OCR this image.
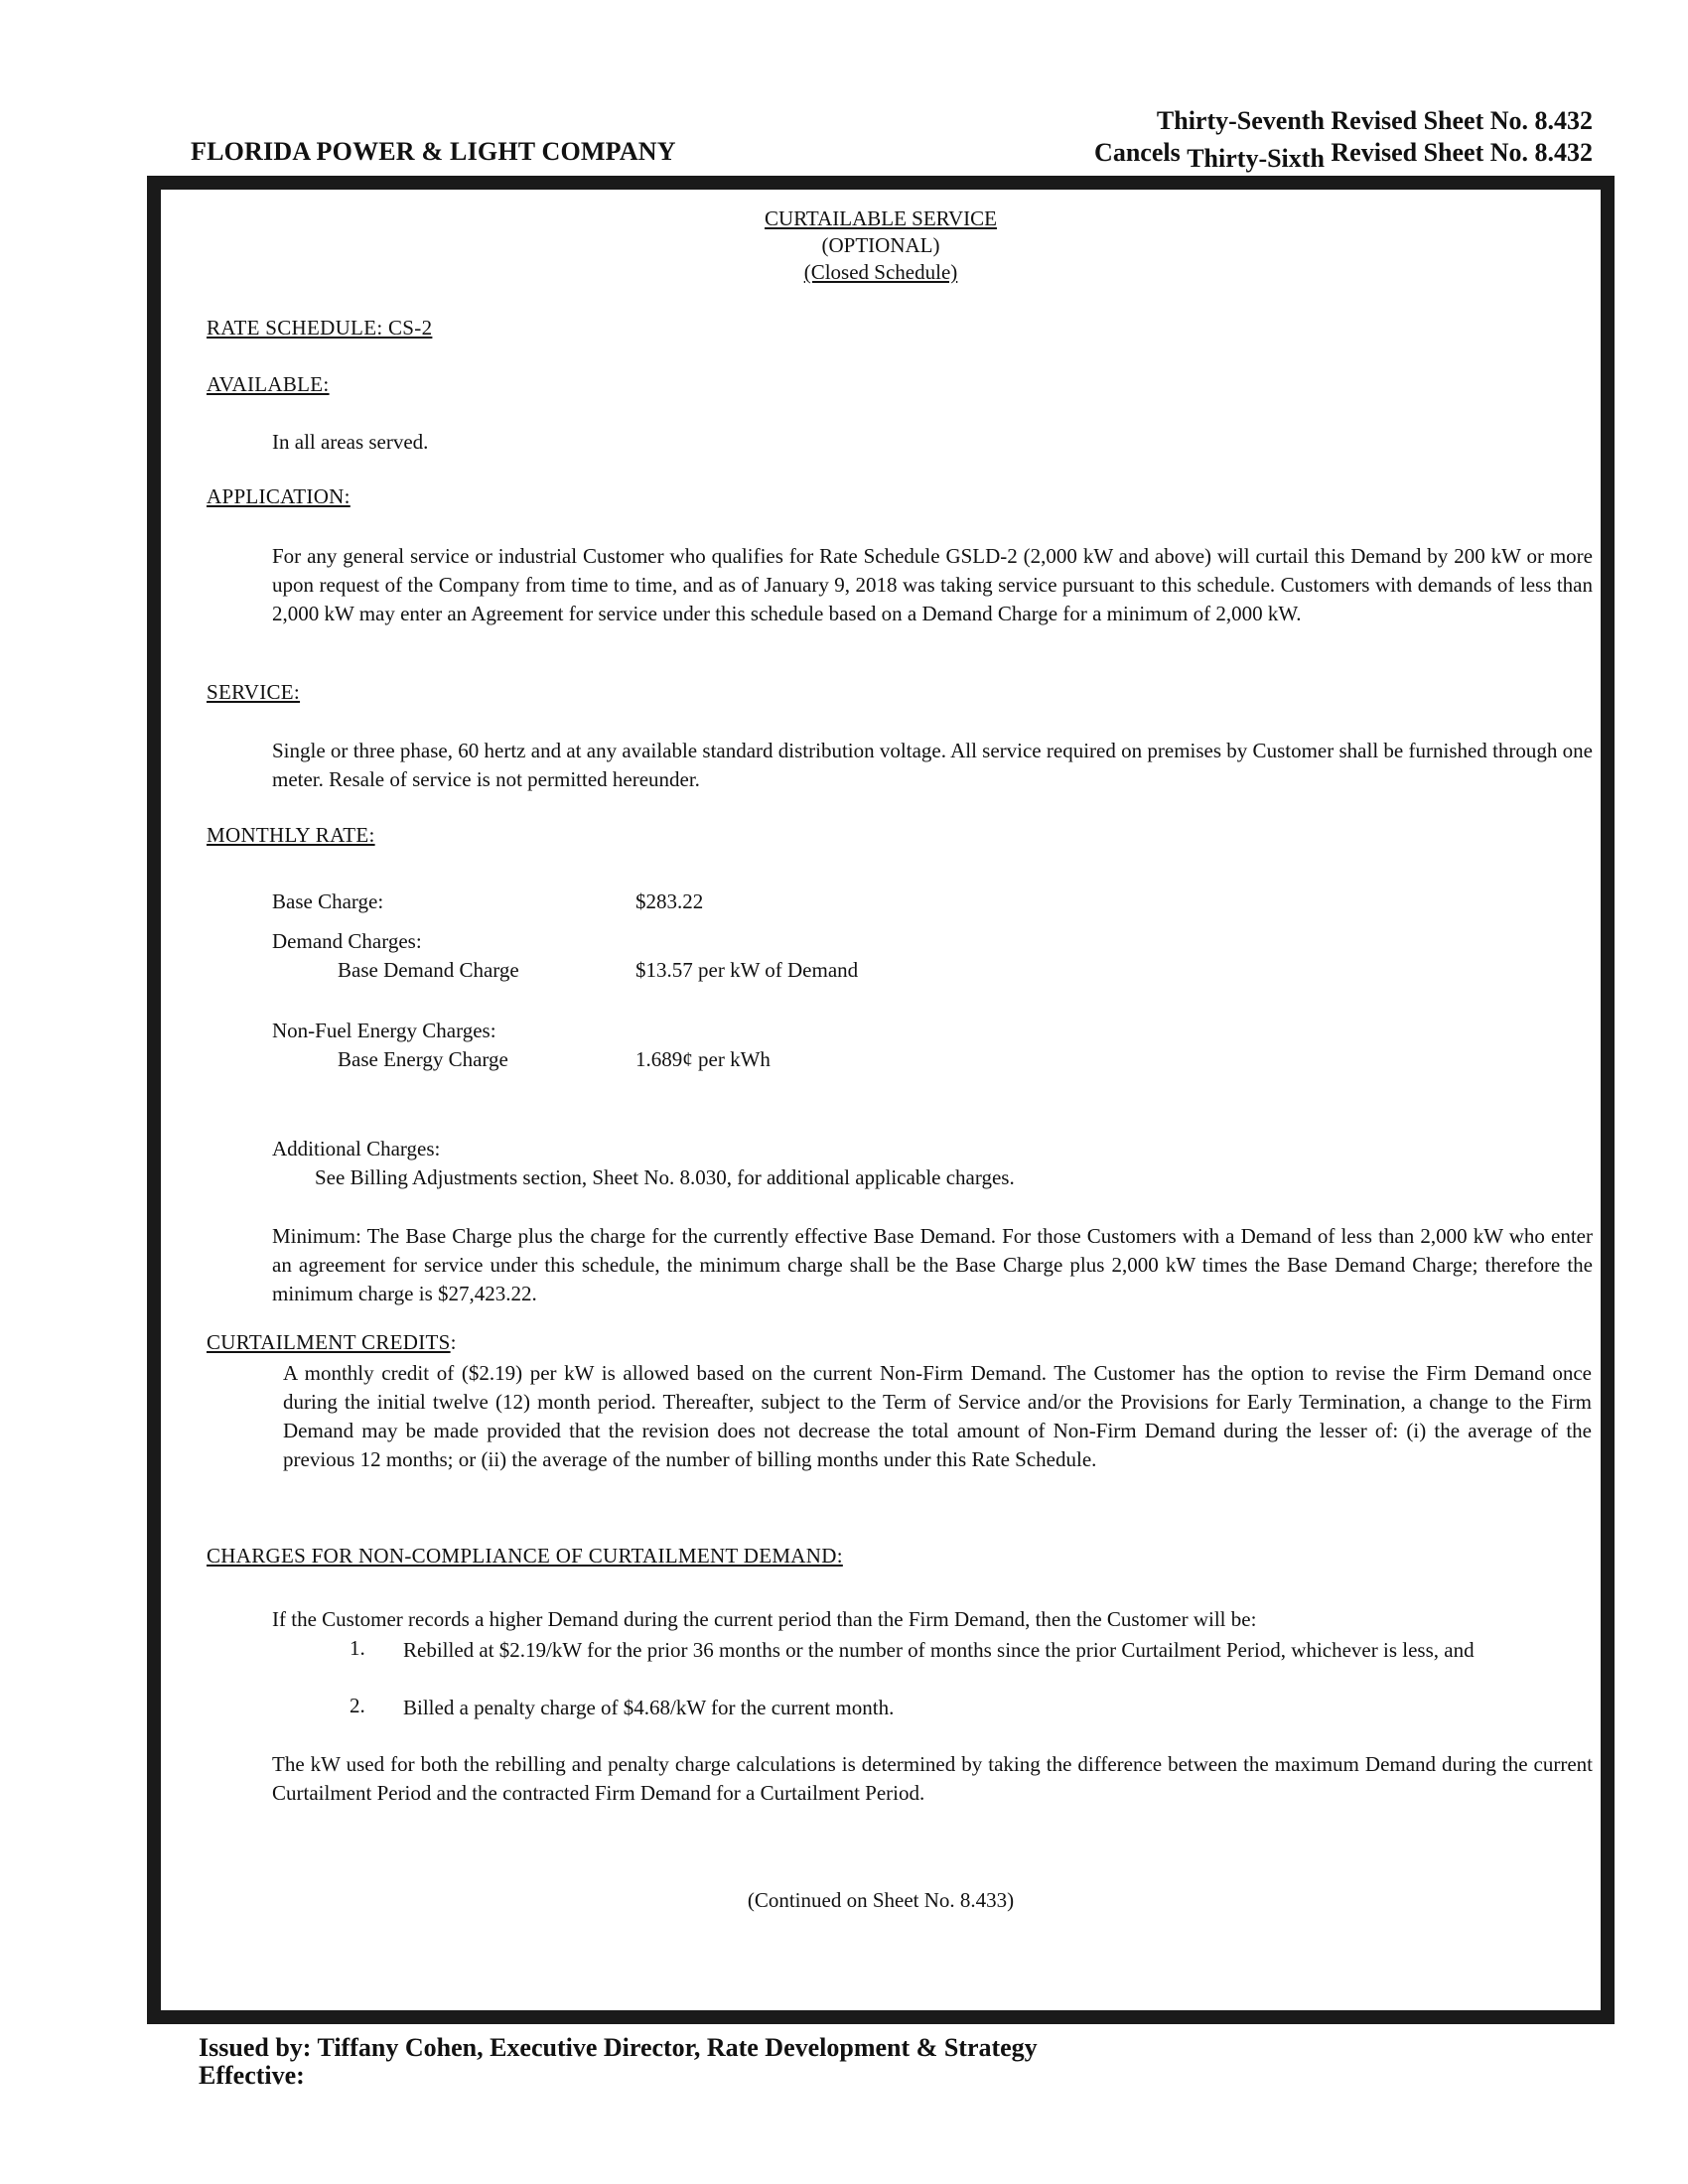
FLORIDA POWER & LIGHT COMPANY
Thirty-Seventh Revised Sheet No. 8.432
Cancels Thirty-Sixth Revised Sheet No. 8.432
CURTAILABLE SERVICE
(OPTIONAL)
(Closed Schedule)
RATE SCHEDULE: CS-2
AVAILABLE:
In all areas served.
APPLICATION:
For any general service or industrial Customer who qualifies for Rate Schedule GSLD-2 (2,000 kW and above) will curtail this Demand by 200 kW or more upon request of the Company from time to time, and as of January 9, 2018 was taking service pursuant to this schedule. Customers with demands of less than 2,000 kW may enter an Agreement for service under this schedule based on a Demand Charge for a minimum of 2,000 kW.
SERVICE:
Single or three phase, 60 hertz and at any available standard distribution voltage. All service required on premises by Customer shall be furnished through one meter. Resale of service is not permitted hereunder.
MONTHLY RATE:
Base Charge:	$283.22
Demand Charges:
Base Demand Charge	$13.57 per kW of Demand
Non-Fuel Energy Charges:
Base Energy Charge	1.689¢ per kWh
Additional Charges:
See Billing Adjustments section, Sheet No. 8.030, for additional applicable charges.
Minimum: The Base Charge plus the charge for the currently effective Base Demand. For those Customers with a Demand of less than 2,000 kW who enter an agreement for service under this schedule, the minimum charge shall be the Base Charge plus 2,000 kW times the Base Demand Charge; therefore the minimum charge is $27,423.22.
CURTAILMENT CREDITS:
A monthly credit of ($2.19) per kW is allowed based on the current Non-Firm Demand. The Customer has the option to revise the Firm Demand once during the initial twelve (12) month period. Thereafter, subject to the Term of Service and/or the Provisions for Early Termination, a change to the Firm Demand may be made provided that the revision does not decrease the total amount of Non-Firm Demand during the lesser of: (i) the average of the previous 12 months; or (ii) the average of the number of billing months under this Rate Schedule.
CHARGES FOR NON-COMPLIANCE OF CURTAILMENT DEMAND:
If the Customer records a higher Demand during the current period than the Firm Demand, then the Customer will be:
1. Rebilled at $2.19/kW for the prior 36 months or the number of months since the prior Curtailment Period, whichever is less, and
2. Billed a penalty charge of $4.68/kW for the current month.
The kW used for both the rebilling and penalty charge calculations is determined by taking the difference between the maximum Demand during the current Curtailment Period and the contracted Firm Demand for a Curtailment Period.
(Continued on Sheet No. 8.433)
Issued by: Tiffany Cohen, Executive Director, Rate Development & Strategy
Effective:
